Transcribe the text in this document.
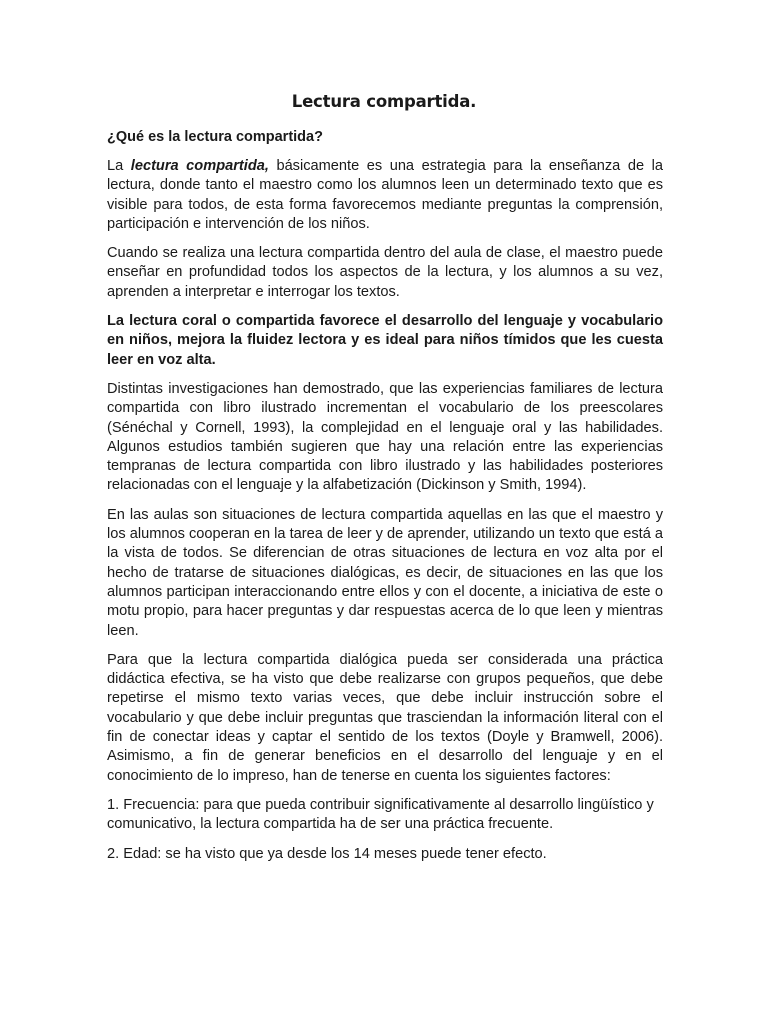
Lectura compartida.

¿Qué es la lectura compartida?

La lectura compartida, básicamente es una estrategia para la enseñanza de la lectura, donde tanto el maestro como los alumnos leen un determinado texto que es visible para todos, de esta forma favorecemos mediante preguntas la comprensión, participación e intervención de los niños.

Cuando se realiza una lectura compartida dentro del aula de clase, el maestro puede enseñar en profundidad todos los aspectos de la lectura, y los alumnos a su vez, aprenden a interpretar e interrogar los textos.

La lectura coral o compartida favorece el desarrollo del lenguaje y vocabulario en niños, mejora la fluidez lectora y es ideal para niños tímidos que les cuesta leer en voz alta.

Distintas investigaciones han demostrado, que las experiencias familiares de lectura compartida con libro ilustrado incrementan el vocabulario de los preescolares (Sénéchal y Cornell, 1993), la complejidad en el lenguaje oral y las habilidades. Algunos estudios también sugieren que hay una relación entre las experiencias tempranas de lectura compartida con libro ilustrado y las habilidades posteriores relacionadas con el lenguaje y la alfabetización (Dickinson y Smith, 1994).

En las aulas son situaciones de lectura compartida aquellas en las que el maestro y los alumnos cooperan en la tarea de leer y de aprender, utilizando un texto que está a la vista de todos. Se diferencian de otras situaciones de lectura en voz alta por el hecho de tratarse de situaciones dialógicas, es decir, de situaciones en las que los alumnos participan interaccionando entre ellos y con el docente, a iniciativa de este o motu propio, para hacer preguntas y dar respuestas acerca de lo que leen y mientras leen.

Para que la lectura compartida dialógica pueda ser considerada una práctica didáctica efectiva, se ha visto que debe realizarse con grupos pequeños, que debe repetirse el mismo texto varias veces, que debe incluir instrucción sobre el vocabulario y que debe incluir preguntas que trasciendan la información literal con el fin de conectar ideas y captar el sentido de los textos (Doyle y Bramwell, 2006). Asimismo, a fin de generar beneficios en el desarrollo del lenguaje y en el conocimiento de lo impreso, han de tenerse en cuenta los siguientes factores:

1. Frecuencia: para que pueda contribuir significativamente al desarrollo lingüístico y comunicativo, la lectura compartida ha de ser una práctica frecuente.

2. Edad: se ha visto que ya desde los 14 meses puede tener efecto.
